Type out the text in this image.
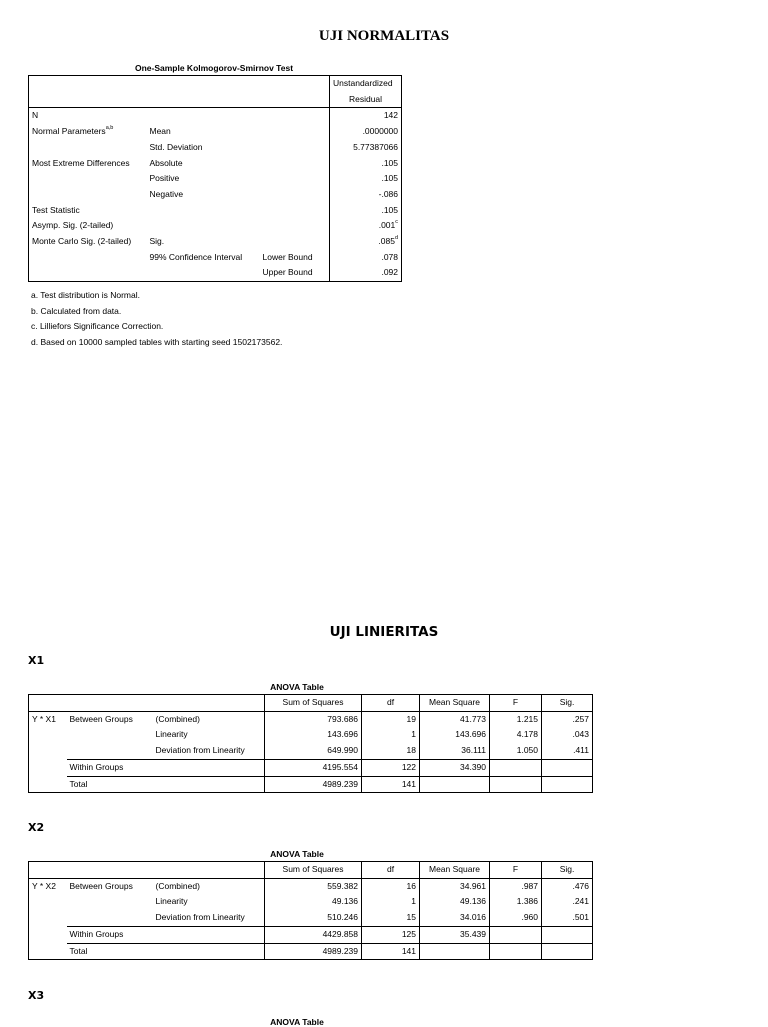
UJI NORMALITAS
One-Sample Kolmogorov-Smirnov Test
			Unstandardized
			Residual
N			142
Normal Parameters$^{a,b}$	Mean		.0000000
	Std. Deviation		5.77387066
Most Extreme Differences	Absolute		.105
	Positive		.105
	Negative		-.086
Test Statistic			.105
Asymp. Sig. (2-tailed)			.001$^c$
Monte Carlo Sig. (2-tailed)	Sig.		.085$^d$
	99% Confidence Interval	Lower Bound	.078
		Upper Bound	.092
a. Test distribution is Normal.
b. Calculated from data.
c. Lilliefors Significance Correction.
d. Based on 10000 sampled tables with starting seed 1502173562.
UJI LINIERITAS
X1
ANOVA Table
			Sum of Squares	df	Mean Square	F	Sig.
Y * X1	Between Groups	(Combined)	793.686	19	41.773	1.215	.257
		Linearity	143.696	1	143.696	4.178	.043
		Deviation from Linearity	649.990	18	36.111	1.050	.411
	Within Groups		4195.554	122	34.390		
	Total		4989.239	141			
X2
ANOVA Table
			Sum of Squares	df	Mean Square	F	Sig.
Y * X2	Between Groups	(Combined)	559.382	16	34.961	.987	.476
		Linearity	49.136	1	49.136	1.386	.241
		Deviation from Linearity	510.246	15	34.016	.960	.501
	Within Groups		4429.858	125	35.439		
	Total		4989.239	141			
X3
ANOVA Table
